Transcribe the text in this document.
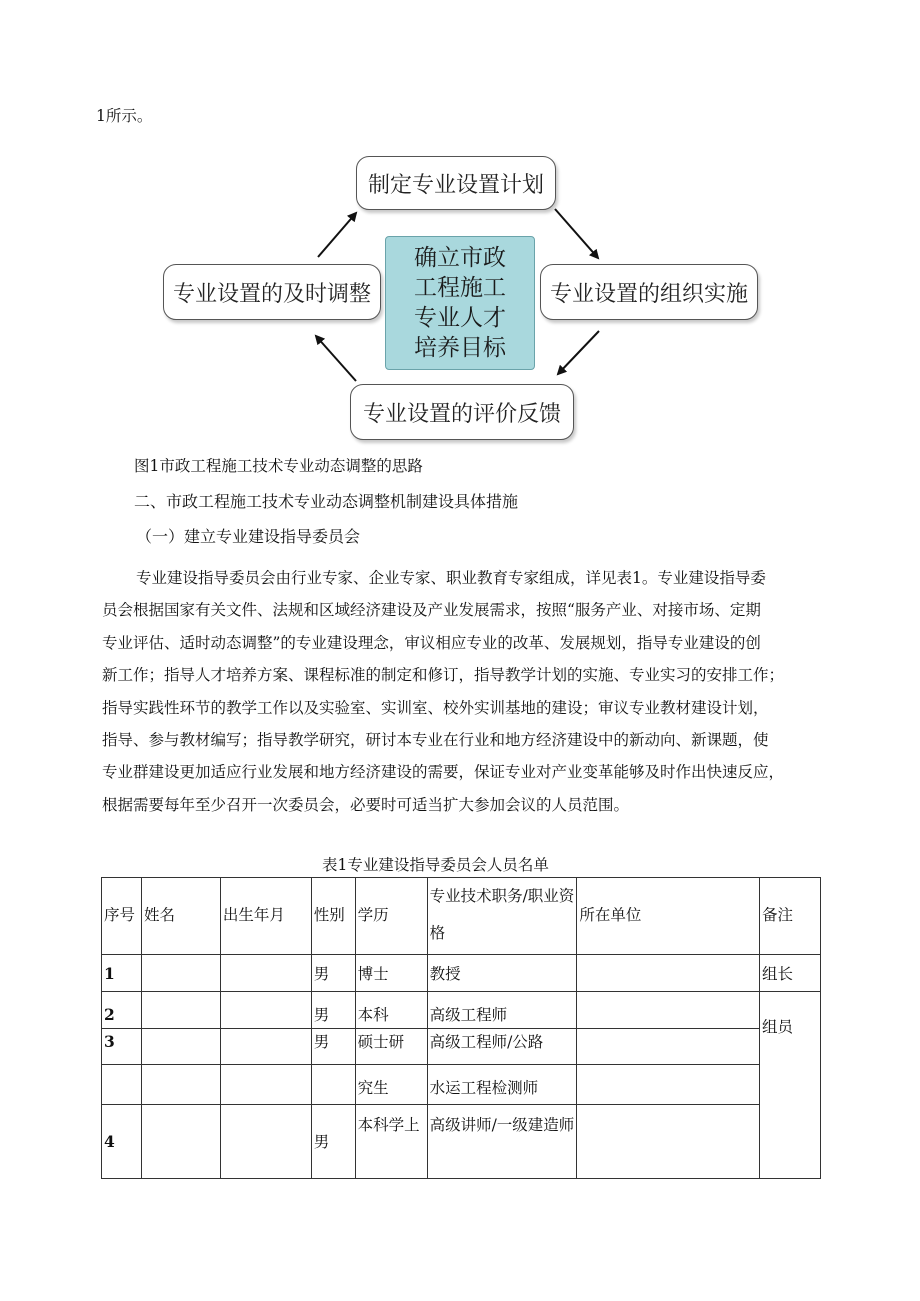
1所示。
制定专业设置计划
专业设置的组织实施
专业设置的评价反馈
专业设置的及时调整
确立市政
工程施工
专业人才
培养目标
图1市政工程施工技术专业动态调整的思路
二、市政工程施工技术专业动态调整机制建设具体措施
（一）建立专业建设指导委员会
专业建设指导委员会由行业专家、企业专家、职业教育专家组成，详见表1。专业建设指导委
员会根据国家有关文件、法规和区域经济建设及产业发展需求，按照“服务产业、对接市场、定期
专业评估、适时动态调整”的专业建设理念，审议相应专业的改革、发展规划，指导专业建设的创
新工作；指导人才培养方案、课程标准的制定和修订，指导教学计划的实施、专业实习的安排工作；
指导实践性环节的教学工作以及实验室、实训室、校外实训基地的建设；审议专业教材建设计划，
指导、参与教材编写；指导教学研究，研讨本专业在行业和地方经济建设中的新动向、新课题，使
专业群建设更加适应行业发展和地方经济建设的需要，保证专业对产业变革能够及时作出快速反应，
根据需要每年至少召开一次委员会，必要时可适当扩大参加会议的人员范围。
表1专业建设指导委员会人员名单
序号	姓名	出生年月	性别	学历	专业技术职务/职业资格	所在单位	备注
1			男	博士	教授		组长
2			男	本科	高级工程师		组员
3			男	硕士研	高级工程师/公路		
				究生	水运工程检测师		
4			男	本科学上	高级讲师/一级建造师		
